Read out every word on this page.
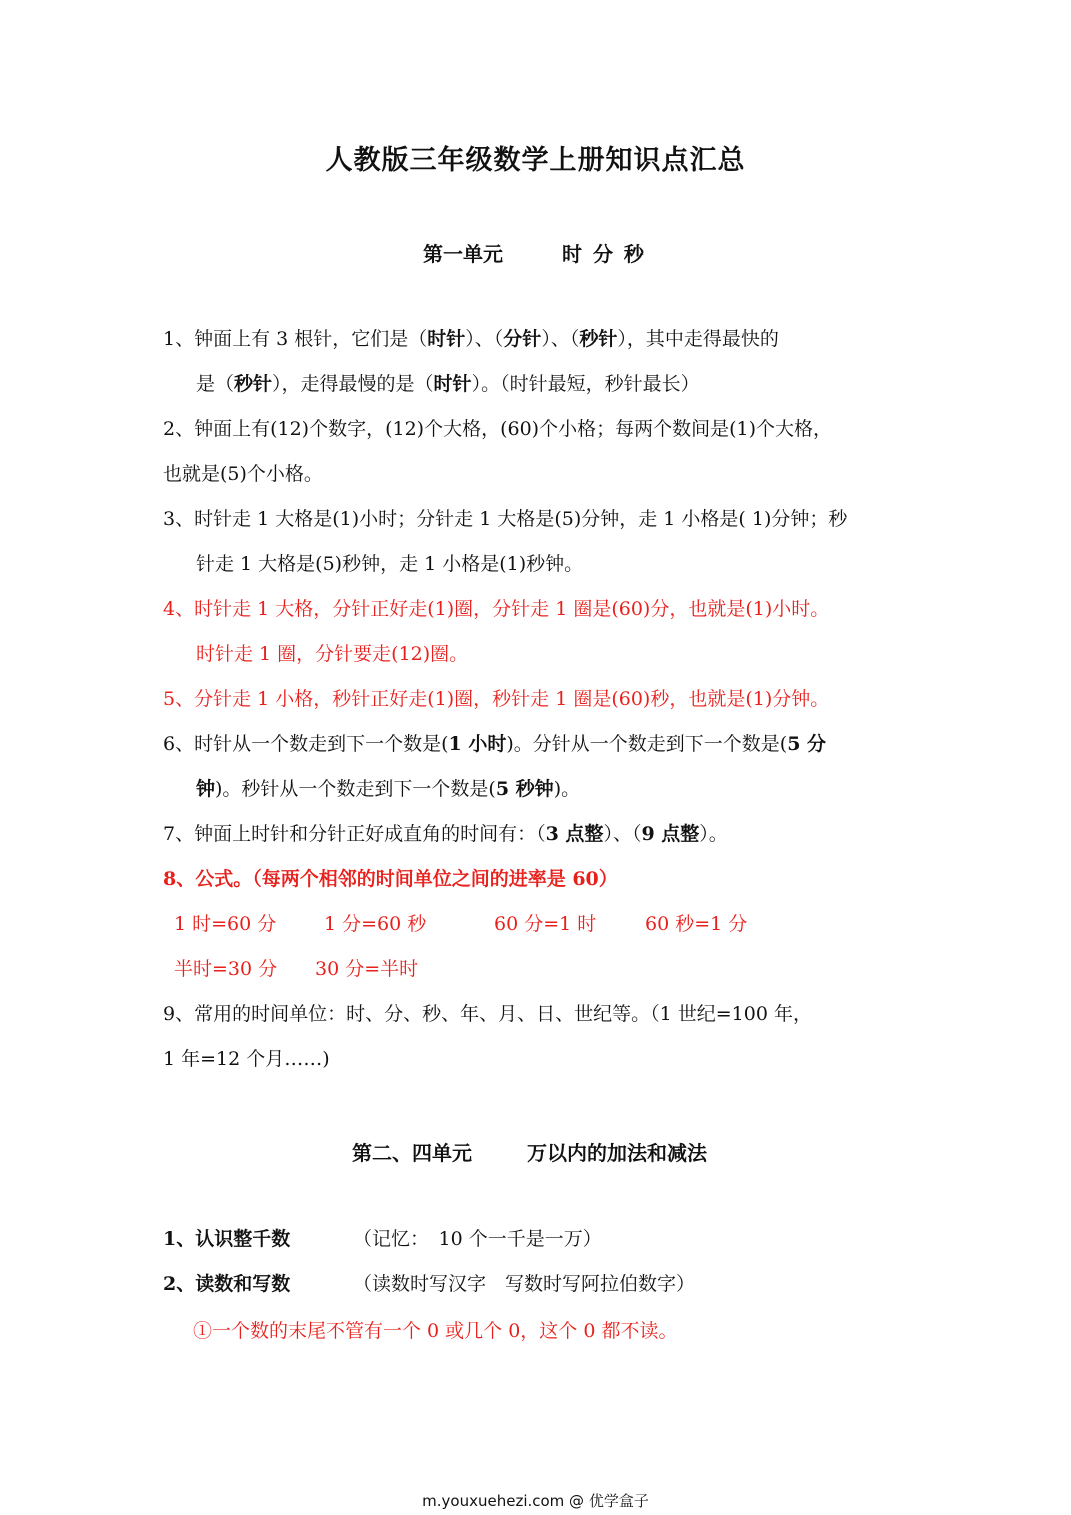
人教版三年级数学上册知识点汇总
第一单元	时 分 秒
1、钟面上有 3 根针，它们是（时针）、（分针）、（秒针），其中走得最快的
是（秒针），走得最慢的是（时针）。（时针最短，秒针最长）
2、钟面上有(12)个数字，(12)个大格，(60)个小格；每两个数间是(1)个大格，
也就是(5)个小格。
3、时针走 1 大格是(1)小时；分针走 1 大格是(5)分钟，走 1 小格是( 1)分钟；秒
针走 1 大格是(5)秒钟，走 1 小格是(1)秒钟。
4、时针走 1 大格，分针正好走(1)圈，分针走 1 圈是(60)分，也就是(1)小时。
时针走 1 圈，分针要走(12)圈。
5、分针走 1 小格，秒针正好走(1)圈，秒针走 1 圈是(60)秒，也就是(1)分钟。
6、时针从一个数走到下一个数是(1 小时)。分针从一个数走到下一个数是(5 分
钟)。秒针从一个数走到下一个数是(5 秒钟)。
7、钟面上时针和分针正好成直角的时间有：（3 点整）、（9 点整）。
8、公式。（每两个相邻的时间单位之间的进率是 60）
1 时=60 分	1 分=60 秒	60 分=1 时	60 秒=1 分
半时=30 分 30 分=半时
9、常用的时间单位：时、分、秒、年、月、日、世纪等。（1 世纪=100 年，
1 年=12 个月……)
第二、四单元	万以内的加法和减法
1、认识整千数	（记忆：　10 个一千是一万）
2、读数和写数	（读数时写汉字　写数时写阿拉伯数字）
①一个数的末尾不管有一个 0 或几个 0，这个 0 都不读。
m.youxuehezi.com @ 优学盒子
